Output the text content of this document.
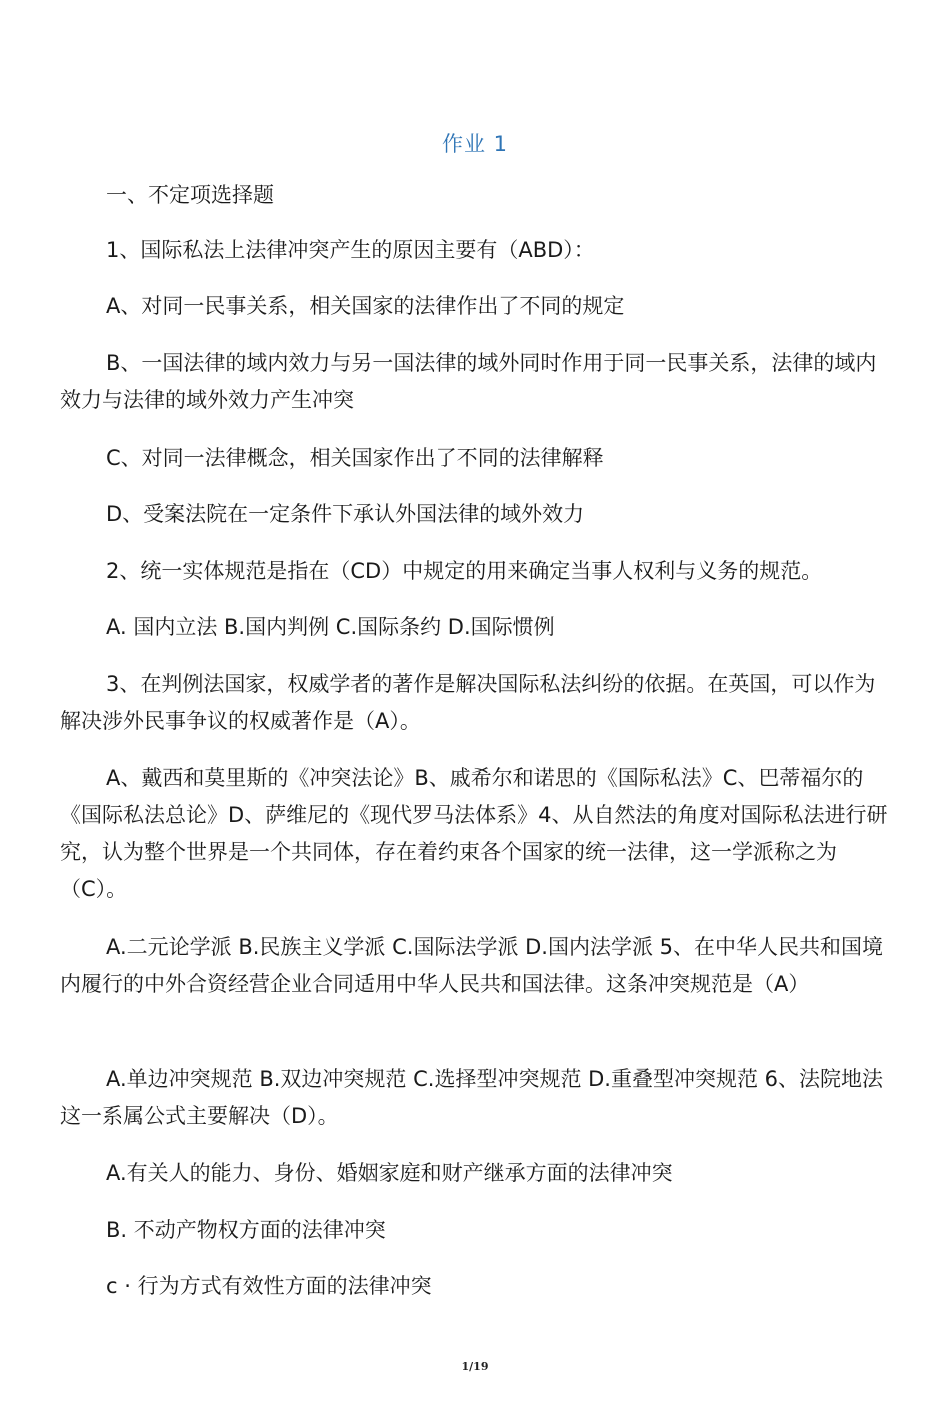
作业 1
一、不定项选择题
1、国际私法上法律冲突产生的原因主要有（ABD）：
A、对同一民事关系，相关国家的法律作出了不同的规定
B、一国法律的域内效力与另一国法律的域外同时作用于同一民事关系，法律的域内效力与法律的域外效力产生冲突
C、对同一法律概念，相关国家作出了不同的法律解释
D、受案法院在一定条件下承认外国法律的域外效力
2、统一实体规范是指在（CD）中规定的用来确定当事人权利与义务的规范。
A. 国内立法 B.国内判例 C.国际条约 D.国际惯例
3、在判例法国家，权威学者的著作是解决国际私法纠纷的依据。在英国，可以作为解决涉外民事争议的权威著作是（A）。
A、戴西和莫里斯的《冲突法论》B、戚希尔和诺思的《国际私法》C、巴蒂福尔的《国际私法总论》D、萨维尼的《现代罗马法体系》4、从自然法的角度对国际私法进行研究，认为整个世界是一个共同体，存在着约束各个国家的统一法律，这一学派称之为（C）。
A.二元论学派 B.民族主义学派 C.国际法学派 D.国内法学派 5、在中华人民共和国境内履行的中外合资经营企业合同适用中华人民共和国法律。这条冲突规范是（A）
A.单边冲突规范 B.双边冲突规范 C.选择型冲突规范 D.重叠型冲突规范 6、法院地法这一系属公式主要解决（D）。
A.有关人的能力、身份、婚姻家庭和财产继承方面的法律冲突
B. 不动产物权方面的法律冲突
c · 行为方式有效性方面的法律冲突
1/19
